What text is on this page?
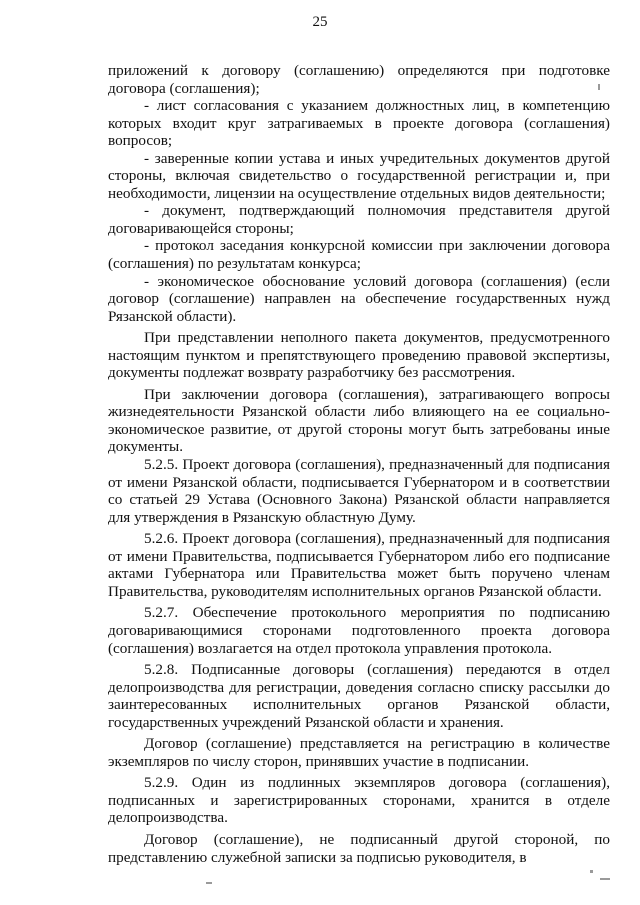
25

приложений к договору (соглашению) определяются при подготовке договора (соглашения);

- лист согласования с указанием должностных лиц, в компетенцию которых входит круг затрагиваемых в проекте договора (соглашения) вопросов;

- заверенные копии устава и иных учредительных документов другой стороны, включая свидетельство о государственной регистрации и, при необходимости, лицензии на осуществление отдельных видов деятельности;

- документ, подтверждающий полномочия представителя другой договаривающейся стороны;

- протокол заседания конкурсной комиссии при заключении договора (соглашения) по результатам конкурса;

- экономическое обоснование условий договора (соглашения) (если договор (соглашение) направлен на обеспечение государственных нужд Рязанской области).

При представлении неполного пакета документов, предусмотренного настоящим пунктом и препятствующего проведению правовой экспертизы, документы подлежат возврату разработчику без рассмотрения.

При заключении договора (соглашения), затрагивающего вопросы жизнедеятельности Рязанской области либо влияющего на ее социально-экономическое развитие, от другой стороны могут быть затребованы иные документы.

5.2.5. Проект договора (соглашения), предназначенный для подписания от имени Рязанской области, подписывается Губернатором и в соответствии со статьей 29 Устава (Основного Закона) Рязанской области направляется для утверждения в Рязанскую областную Думу.

5.2.6. Проект договора (соглашения), предназначенный для подписания от имени Правительства, подписывается Губернатором либо его подписание актами Губернатора или Правительства может быть поручено членам Правительства, руководителям исполнительных органов Рязанской области.

5.2.7. Обеспечение протокольного мероприятия по подписанию договаривающимися сторонами подготовленного проекта договора (соглашения) возлагается на отдел протокола управления протокола.

5.2.8. Подписанные договоры (соглашения) передаются в отдел делопроизводства для регистрации, доведения согласно списку рассылки до заинтересованных исполнительных органов Рязанской области, государственных учреждений Рязанской области и хранения.

Договор (соглашение) представляется на регистрацию в количестве экземпляров по числу сторон, принявших участие в подписании.

5.2.9. Один из подлинных экземпляров договора (соглашения), подписанных и зарегистрированных сторонами, хранится в отделе делопроизводства.

Договор (соглашение), не подписанный другой стороной, по представлению служебной записки за подписью руководителя, в
